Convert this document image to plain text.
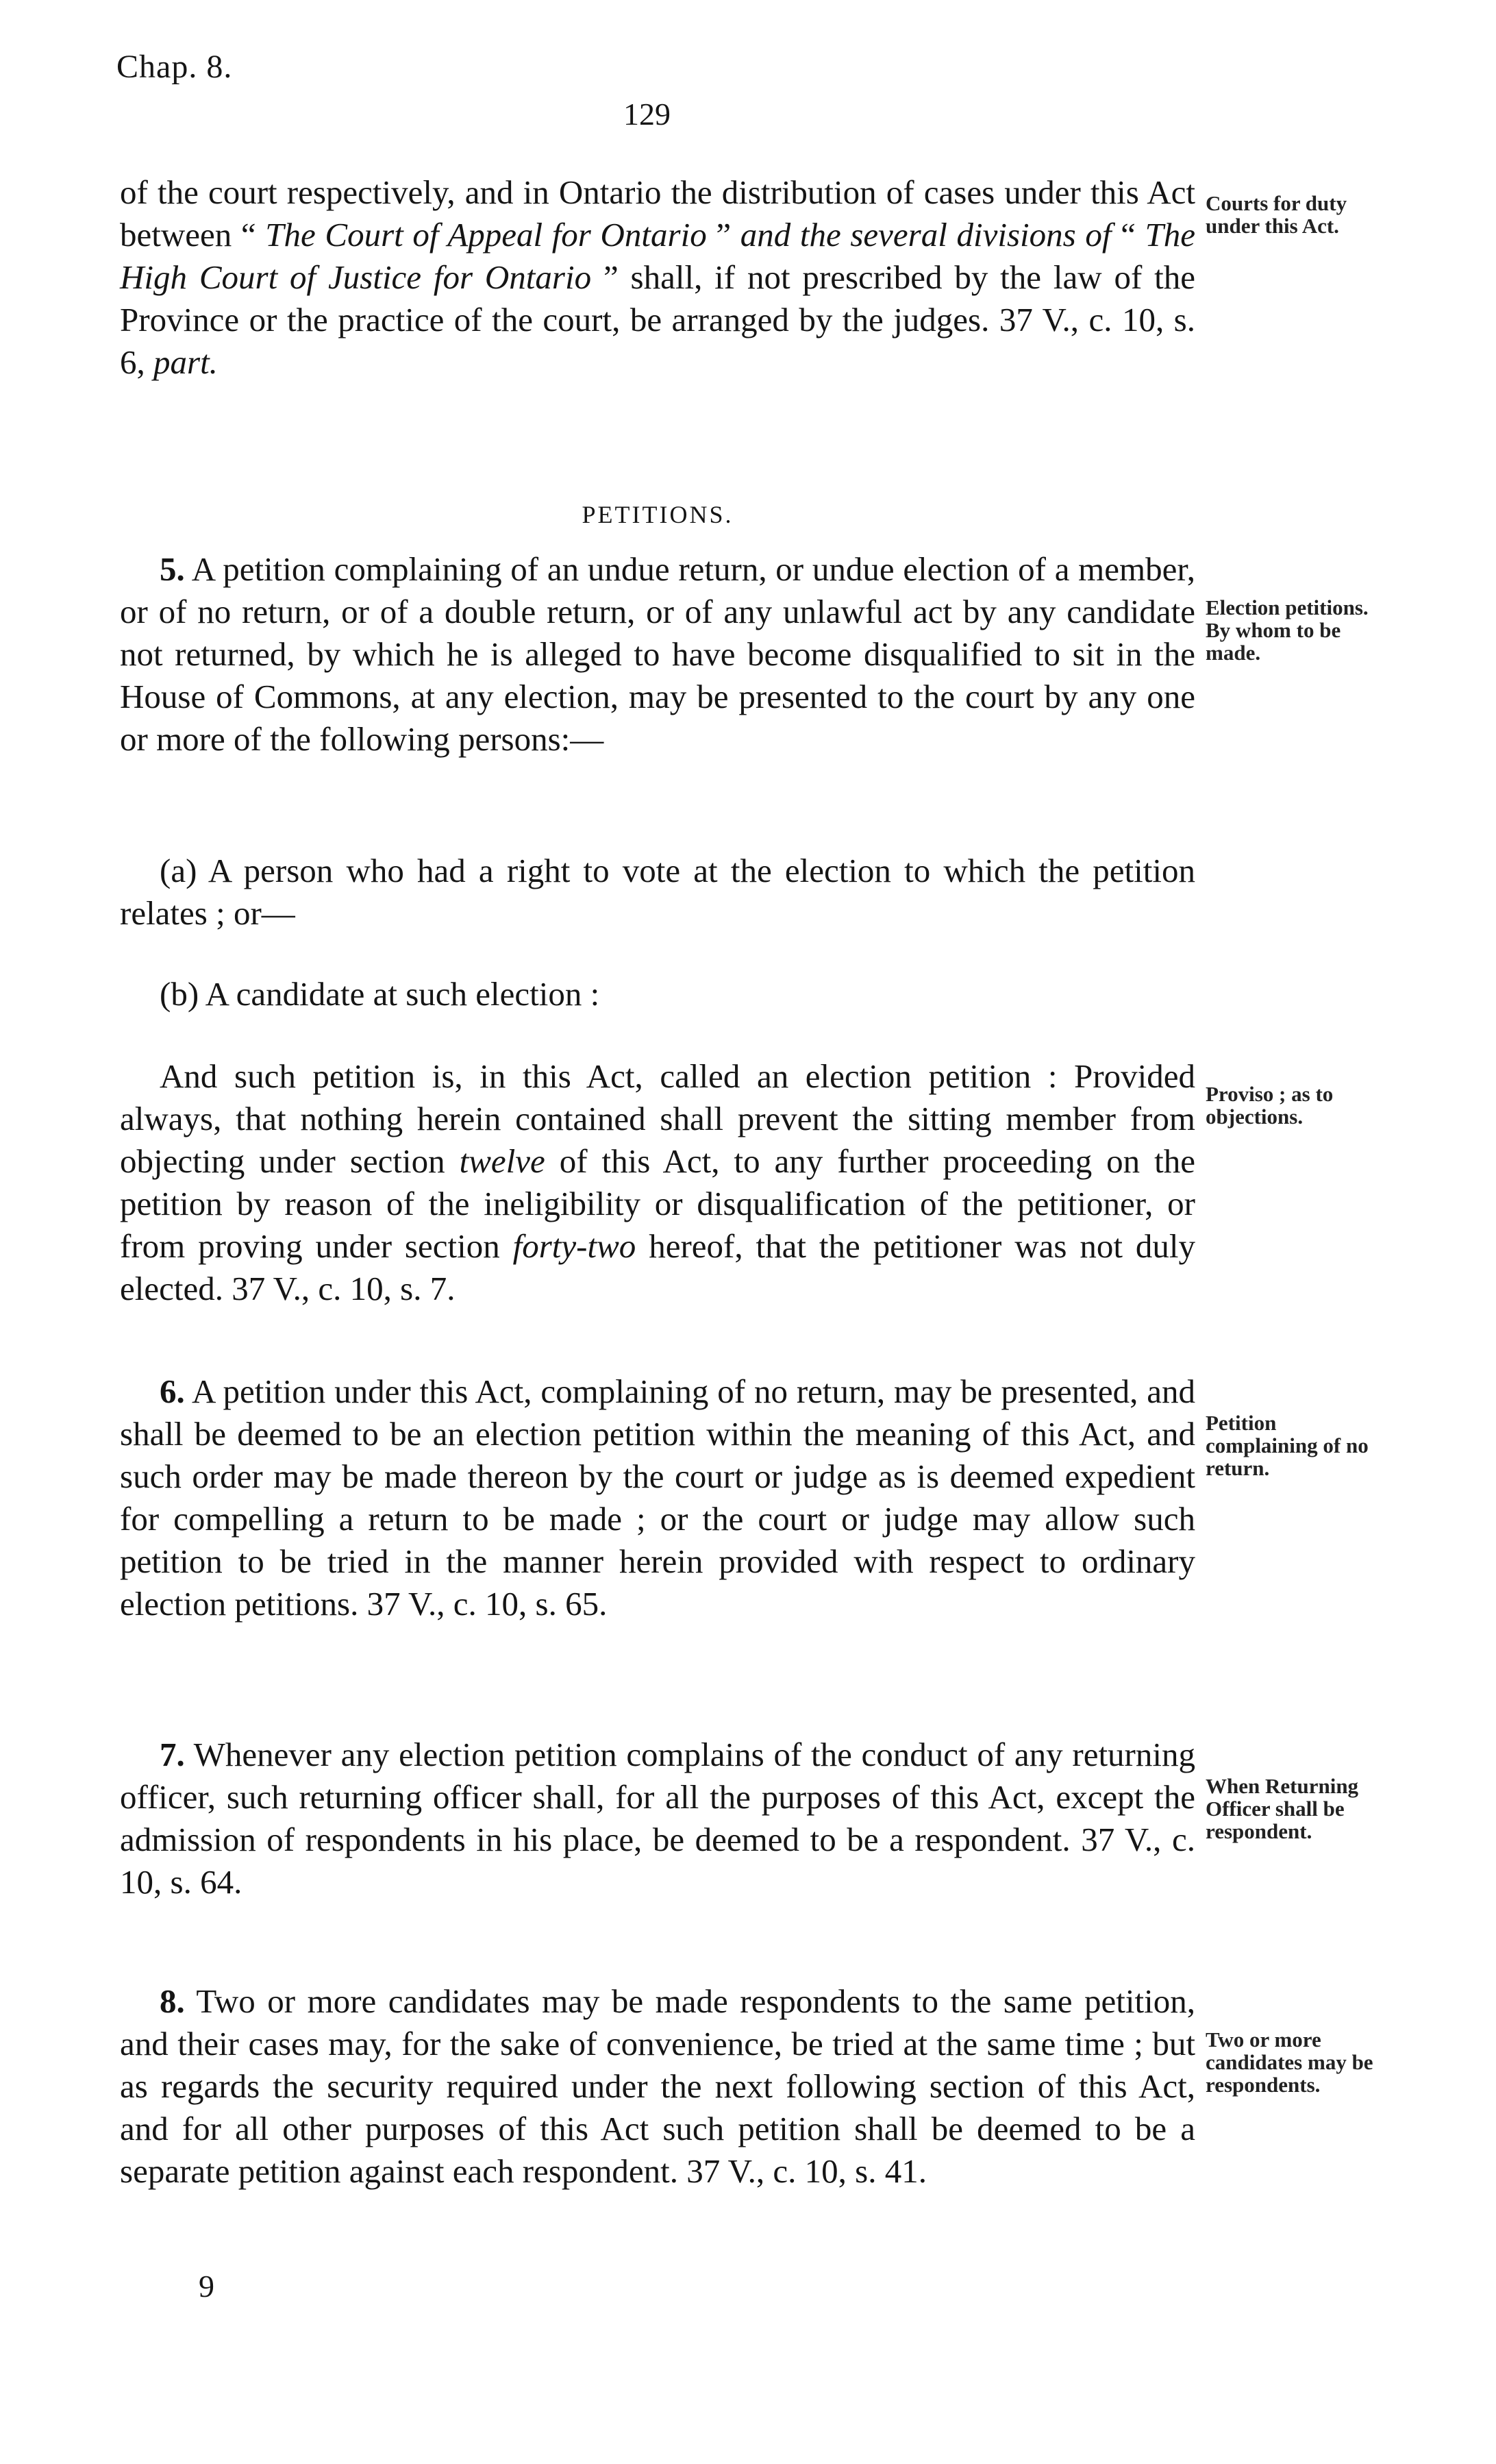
Chap. 8.
129

of the court respectively, and in Ontario the distribution of cases under this Act between “ The Court of Appeal for Ontario ” and the several divisions of “ The High Court of Justice for Ontario ” shall, if not prescribed by the law of the Province or the practice of the court, be arranged by the judges. 37 V., c. 10, s. 6, part.

Courts for duty under this Act.
PETITIONS.

5. A petition complaining of an undue return, or undue election of a member, or of no return, or of a double return, or of any unlawful act by any candidate not returned, by which he is alleged to have become disqualified to sit in the House of Commons, at any election, may be presented to the court by any one or more of the following persons:—

Election petitions. By whom to be made.

(a) A person who had a right to vote at the election to which the petition relates ; or—

(b) A candidate at such election :

And such petition is, in this Act, called an election petition : Provided always, that nothing herein contained shall prevent the sitting member from objecting under section twelve of this Act, to any further proceeding on the petition by reason of the ineligibility or disqualification of the petitioner, or from proving under section forty-two hereof, that the petitioner was not duly elected. 37 V., c. 10, s. 7.

Proviso ; as to objections.

6. A petition under this Act, complaining of no return, may be presented, and shall be deemed to be an election petition within the meaning of this Act, and such order may be made thereon by the court or judge as is deemed expedient for compelling a return to be made ; or the court or judge may allow such petition to be tried in the manner herein provided with respect to ordinary election petitions. 37 V., c. 10, s. 65.

Petition complaining of no return.

7. Whenever any election petition complains of the conduct of any returning officer, such returning officer shall, for all the purposes of this Act, except the admission of respondents in his place, be deemed to be a respondent. 37 V., c. 10, s. 64.

When Returning Officer shall be respondent.

8. Two or more candidates may be made respondents to the same petition, and their cases may, for the sake of convenience, be tried at the same time ; but as regards the security required under the next following section of this Act, and for all other purposes of this Act such petition shall be deemed to be a separate petition against each respondent. 37 V., c. 10, s. 41.

Two or more candidates may be respondents.
9
